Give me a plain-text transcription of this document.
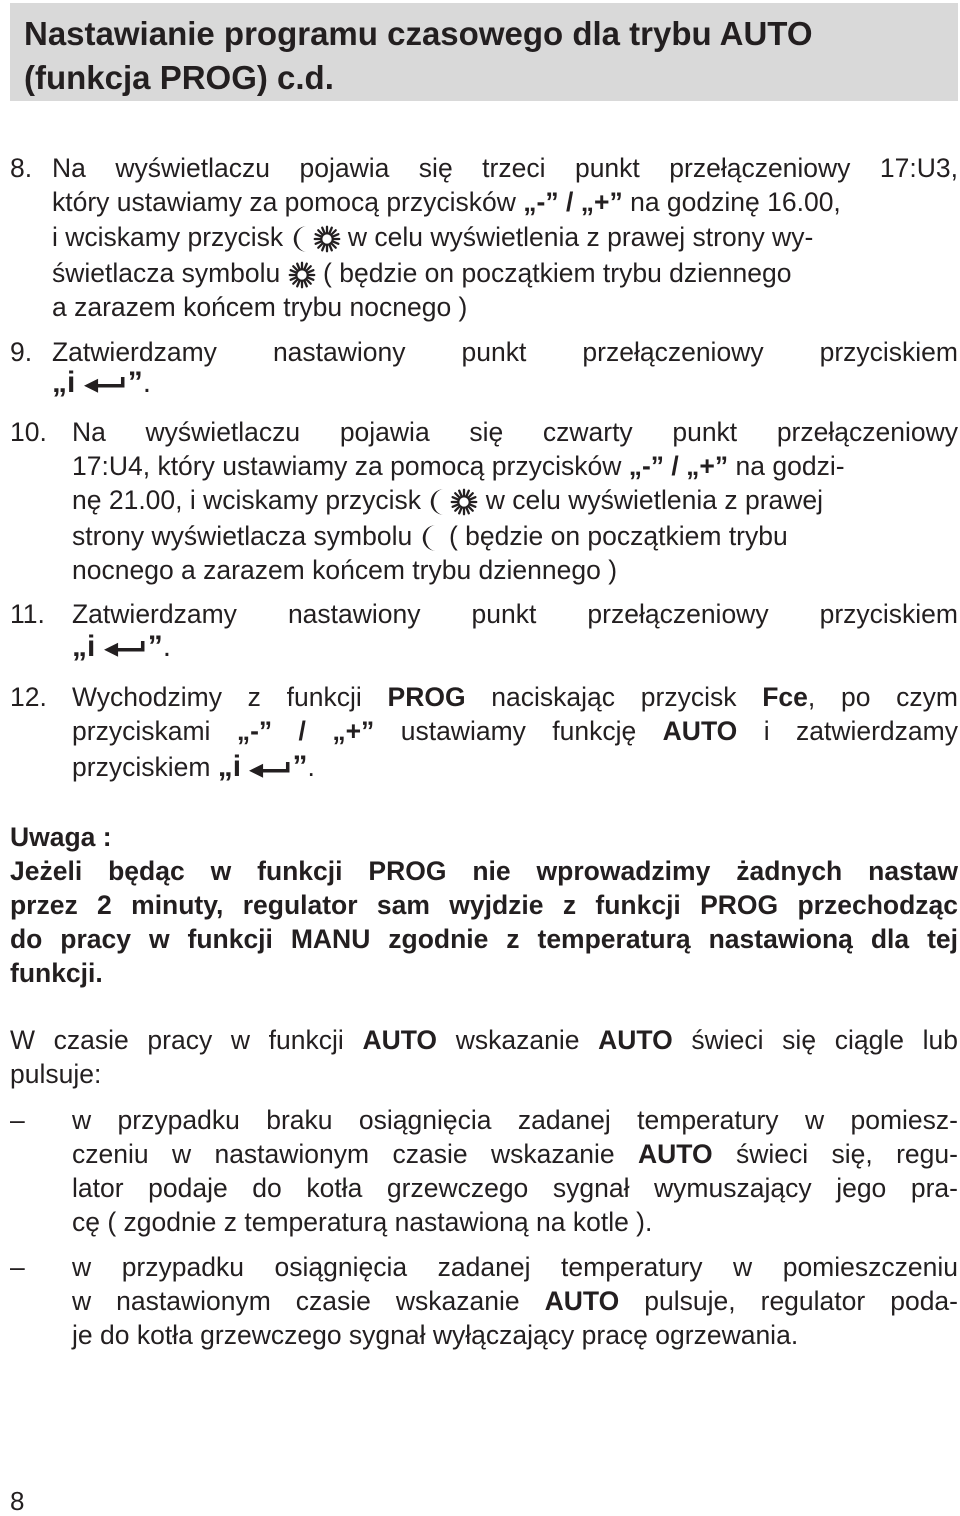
Nastawianie programu czasowego dla trybu AUTO
(funkcja PROG) c.d.
8. Na wyświetlaczu pojawia się trzeci punkt przełączeniowy 17:U3,
który ustawiamy za pomocą przycisków „-” / „+” na godzinę 16.00,
i wciskamy przycisk w celu wyświetlenia z prawej strony wy-
świetlacza symbolu ( będzie on początkiem trybu dziennego
a zarazem końcem trybu nocnego )
9. Zatwierdzamy nastawiony punkt przełączeniowy przyciskiem
„i ”.
10. Na wyświetlaczu pojawia się czwarty punkt przełączeniowy
17:U4, który ustawiamy za pomocą przycisków „-” / „+” na godzi-
nę 21.00, i wciskamy przycisk w celu wyświetlenia z prawej
strony wyświetlacza symbolu ( będzie on początkiem trybu
nocnego a zarazem końcem trybu dziennego )
11. Zatwierdzamy nastawiony punkt przełączeniowy przyciskiem
„i ”.
12. Wychodzimy z funkcji PROG naciskając przycisk Fce, po czym
przyciskami „-” / „+” ustawiamy funkcję AUTO i zatwierdzamy
przyciskiem „i ”.
Uwaga :
Jeżeli będąc w funkcji PROG nie wprowadzimy żadnych nastaw
przez 2 minuty, regulator sam wyjdzie z funkcji PROG przechodząc
do pracy w funkcji MANU zgodnie z temperaturą nastawioną dla tej
funkcji.
W czasie pracy w funkcji AUTO wskazanie AUTO świeci się ciągle lub
pulsuje:
– w przypadku braku osiągnięcia zadanej temperatury w pomiesz-
czeniu w nastawionym czasie wskazanie AUTO świeci się, regu-
lator podaje do kotła grzewczego sygnał wymuszający jego pra-
cę ( zgodnie z temperaturą nastawioną na kotle ).
– w przypadku osiągnięcia zadanej temperatury w pomieszczeniu
w nastawionym czasie wskazanie AUTO pulsuje, regulator poda-
je do kotła grzewczego sygnał wyłączający pracę ogrzewania.
8
